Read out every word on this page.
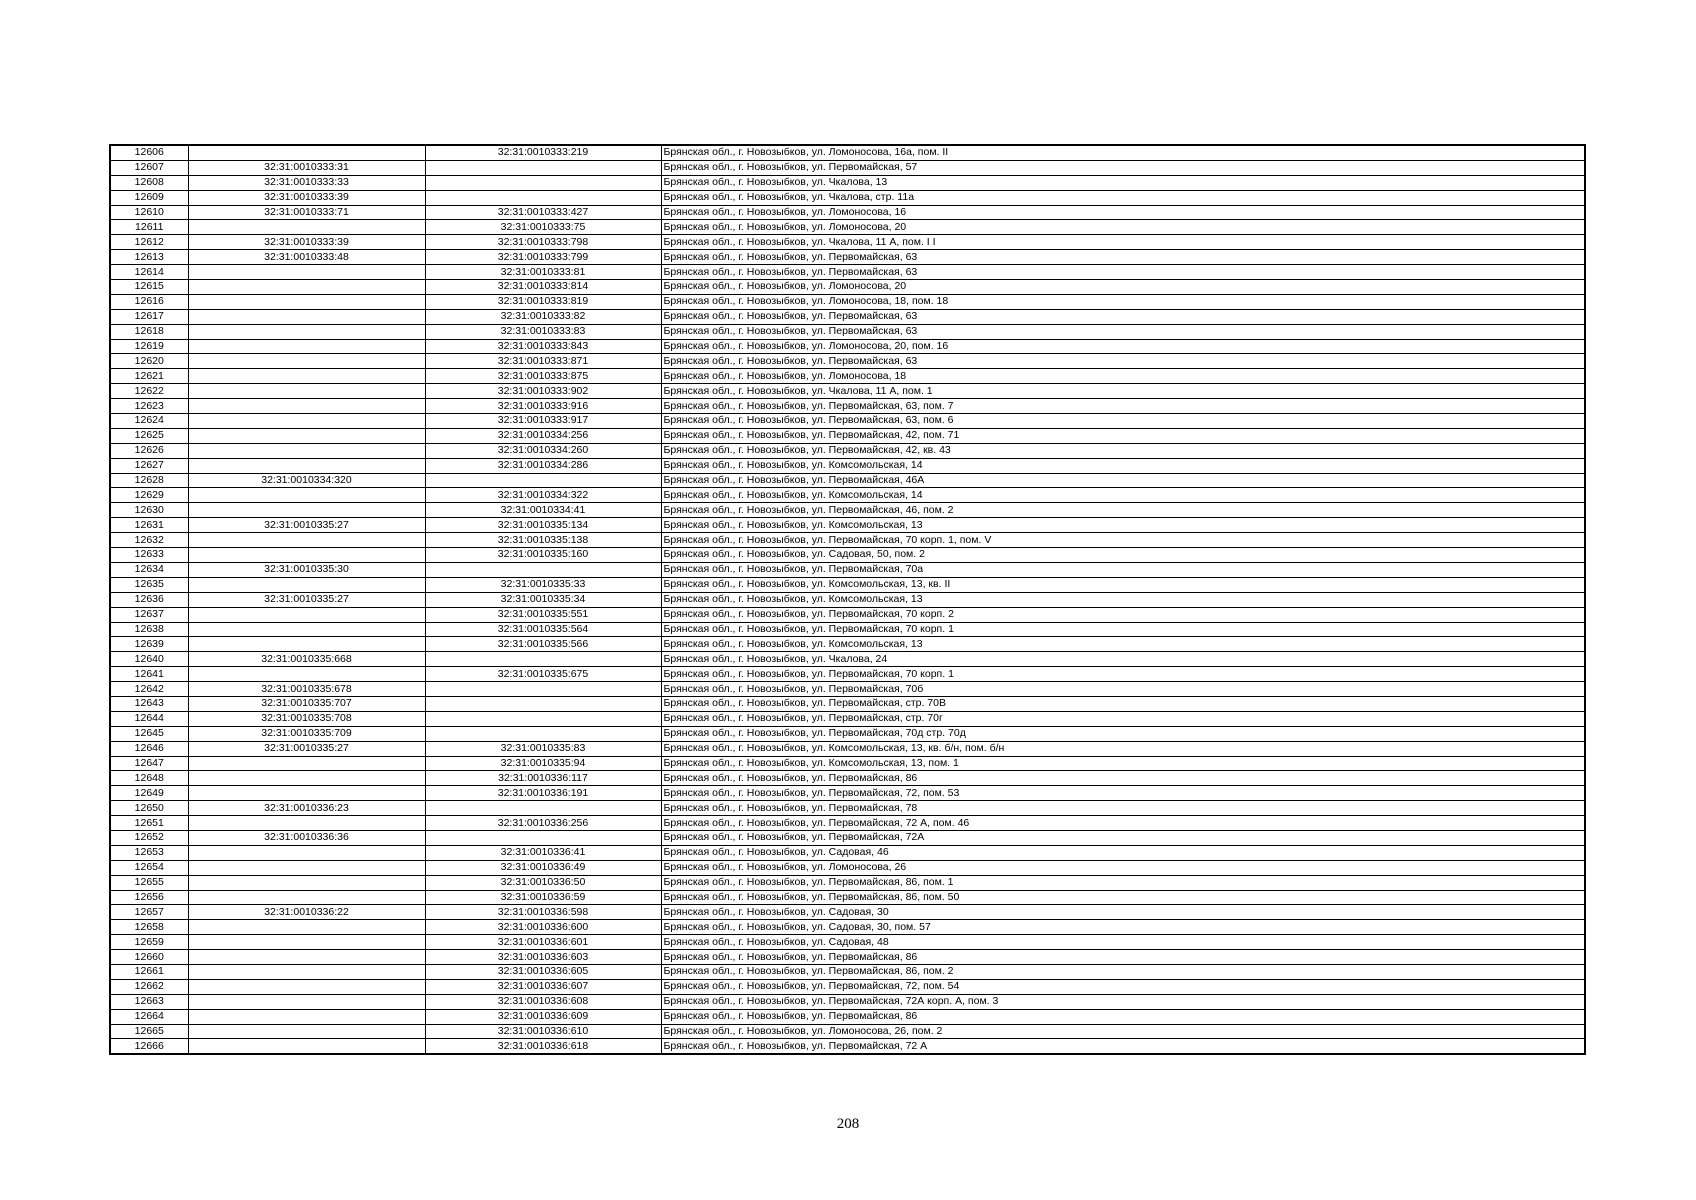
12606		32:31:0010333:219	Брянская обл., г. Новозыбков, ул. Ломоносова, 16а, пом. II
12607	32:31:0010333:31		Брянская обл., г. Новозыбков, ул. Первомайская, 57
12608	32:31:0010333:33		Брянская обл., г. Новозыбков, ул. Чкалова, 13
12609	32:31:0010333:39		Брянская обл., г. Новозыбков, ул. Чкалова, стр. 11а
12610	32:31:0010333:71	32:31:0010333:427	Брянская обл., г. Новозыбков, ул. Ломоносова, 16
12611		32:31:0010333:75	Брянская обл., г. Новозыбков, ул. Ломоносова, 20
12612	32:31:0010333:39	32:31:0010333:798	Брянская обл., г. Новозыбков, ул. Чкалова, 11 А, пом. I I
12613	32:31:0010333:48	32:31:0010333:799	Брянская обл., г. Новозыбков, ул. Первомайская, 63
12614		32:31:0010333:81	Брянская обл., г. Новозыбков, ул. Первомайская, 63
12615		32:31:0010333:814	Брянская обл., г. Новозыбков, ул. Ломоносова, 20
12616		32:31:0010333:819	Брянская обл., г. Новозыбков, ул. Ломоносова, 18, пом. 18
12617		32:31:0010333:82	Брянская обл., г. Новозыбков, ул. Первомайская, 63
12618		32:31:0010333:83	Брянская обл., г. Новозыбков, ул. Первомайская, 63
12619		32:31:0010333:843	Брянская обл., г. Новозыбков, ул. Ломоносова, 20, пом. 16
12620		32:31:0010333:871	Брянская обл., г. Новозыбков, ул. Первомайская, 63
12621		32:31:0010333:875	Брянская обл., г. Новозыбков, ул. Ломоносова, 18
12622		32:31:0010333:902	Брянская обл., г. Новозыбков, ул. Чкалова, 11 А, пом. 1
12623		32:31:0010333:916	Брянская обл., г. Новозыбков, ул. Первомайская, 63, пом. 7
12624		32:31:0010333:917	Брянская обл., г. Новозыбков, ул. Первомайская, 63, пом. 6
12625		32:31:0010334:256	Брянская обл., г. Новозыбков, ул. Первомайская, 42, пом. 71
12626		32:31:0010334:260	Брянская обл., г. Новозыбков, ул. Первомайская, 42, кв. 43
12627		32:31:0010334:286	Брянская обл., г. Новозыбков, ул. Комсомольская, 14
12628	32:31:0010334:320		Брянская обл., г. Новозыбков, ул. Первомайская, 46А
12629		32:31:0010334:322	Брянская обл., г. Новозыбков, ул. Комсомольская, 14
12630		32:31:0010334:41	Брянская обл., г. Новозыбков, ул. Первомайская, 46, пом. 2
12631	32:31:0010335:27	32:31:0010335:134	Брянская обл., г. Новозыбков, ул. Комсомольская, 13
12632		32:31:0010335:138	Брянская обл., г. Новозыбков, ул. Первомайская, 70 корп. 1, пом. V
12633		32:31:0010335:160	Брянская обл., г. Новозыбков, ул. Садовая, 50, пом. 2
12634	32:31:0010335:30		Брянская обл., г. Новозыбков, ул. Первомайская, 70а
12635		32:31:0010335:33	Брянская обл., г. Новозыбков, ул. Комсомольская, 13, кв. II
12636	32:31:0010335:27	32:31:0010335:34	Брянская обл., г. Новозыбков, ул. Комсомольская, 13
12637		32:31:0010335:551	Брянская обл., г. Новозыбков, ул. Первомайская, 70 корп. 2
12638		32:31:0010335:564	Брянская обл., г. Новозыбков, ул. Первомайская, 70 корп. 1
12639		32:31:0010335:566	Брянская обл., г. Новозыбков, ул. Комсомольская, 13
12640	32:31:0010335:668		Брянская обл., г. Новозыбков, ул. Чкалова, 24
12641		32:31:0010335:675	Брянская обл., г. Новозыбков, ул. Первомайская, 70 корп. 1
12642	32:31:0010335:678		Брянская обл., г. Новозыбков, ул. Первомайская, 70б
12643	32:31:0010335:707		Брянская обл., г. Новозыбков, ул. Первомайская, стр. 70В
12644	32:31:0010335:708		Брянская обл., г. Новозыбков, ул. Первомайская, стр. 70г
12645	32:31:0010335:709		Брянская обл., г. Новозыбков, ул. Первомайская, 70д стр. 70д
12646	32:31:0010335:27	32:31:0010335:83	Брянская обл., г. Новозыбков, ул. Комсомольская, 13, кв. б/н, пом. б/н
12647		32:31:0010335:94	Брянская обл., г. Новозыбков, ул. Комсомольская, 13, пом. 1
12648		32:31:0010336:117	Брянская обл., г. Новозыбков, ул. Первомайская, 86
12649		32:31:0010336:191	Брянская обл., г. Новозыбков, ул. Первомайская, 72, пом. 53
12650	32:31:0010336:23		Брянская обл., г. Новозыбков, ул. Первомайская, 78
12651		32:31:0010336:256	Брянская обл., г. Новозыбков, ул. Первомайская, 72 А, пом. 46
12652	32:31:0010336:36		Брянская обл., г. Новозыбков, ул. Первомайская, 72А
12653		32:31:0010336:41	Брянская обл., г. Новозыбков, ул. Садовая, 46
12654		32:31:0010336:49	Брянская обл., г. Новозыбков, ул. Ломоносова, 26
12655		32:31:0010336:50	Брянская обл., г. Новозыбков, ул. Первомайская, 86, пом. 1
12656		32:31:0010336:59	Брянская обл., г. Новозыбков, ул. Первомайская, 86, пом. 50
12657	32:31:0010336:22	32:31:0010336:598	Брянская обл., г. Новозыбков, ул. Садовая, 30
12658		32:31:0010336:600	Брянская обл., г. Новозыбков, ул. Садовая, 30, пом. 57
12659		32:31:0010336:601	Брянская обл., г. Новозыбков, ул. Садовая, 48
12660		32:31:0010336:603	Брянская обл., г. Новозыбков, ул. Первомайская, 86
12661		32:31:0010336:605	Брянская обл., г. Новозыбков, ул. Первомайская, 86, пом. 2
12662		32:31:0010336:607	Брянская обл., г. Новозыбков, ул. Первомайская, 72, пом. 54
12663		32:31:0010336:608	Брянская обл., г. Новозыбков, ул. Первомайская, 72А корп. А, пом. 3
12664		32:31:0010336:609	Брянская обл., г. Новозыбков, ул. Первомайская, 86
12665		32:31:0010336:610	Брянская обл., г. Новозыбков, ул. Ломоносова, 26, пом. 2
12666		32:31:0010336:618	Брянская обл., г. Новозыбков, ул. Первомайская, 72 А
208
